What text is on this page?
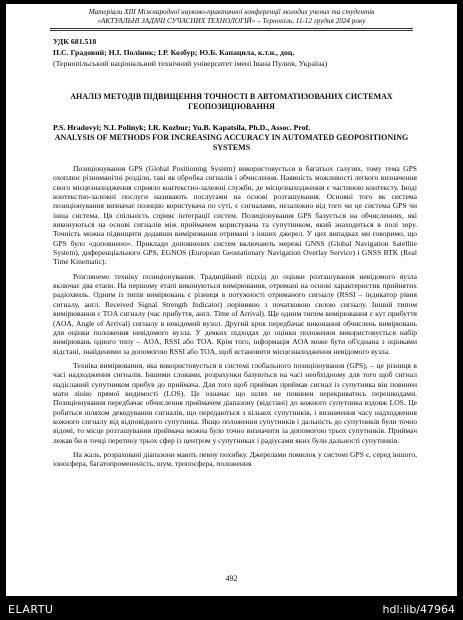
Матеріали XIII Міжнародної науково-практичної конференції молодих учених та студентів
«АКТУАЛЬНІ ЗАДАЧІ СУЧАСНИХ ТЕХНОЛОГІЙ» – Тернопіль, 11-12 грудня 2024 року
УДК 681.518
П.С. Градовий; Н.І. Поліник; І.Р. Козбур; Ю.Б. Капацила, к.т.н., доц.
(Тернопільський національний технічний університет імені Івана Пулюя, Україна)
АНАЛІЗ МЕТОДІВ ПІДВИЩЕННЯ ТОЧНОСТІ В АВТОМАТИЗОВАНИХ СИСТЕМАХ ГЕОПОЗИЦІЮВАННЯ
P.S. Hradovyi; N.I. Polinyk; I.R. Kozbur; Yu.B. Kapatsila, Ph.D., Assoc. Prof.
ANALYSIS OF METHODS FOR INCREASING ACCURACY IN AUTOMATED GEOPOSITIONING SYSTEMS

Позиціонування GPS (Global Positioning System) використовується в багатьох галузях, тому тема GPS охоплює різноманітні розділи, такі як обробка сигналів і обчислення. Наявність можливості легкого визначення свого місцезнаходження сприяло контекстно-залежні служби, де місцезнаходження є частиною контексту. Іноді контекстно-залежні послуги називають послугами на основі розташування. Основні того як система позиціонування визначає позицію користувача по суті, є сигналами, незалежно від того чи це система GPS чи інша система. Ця спільність сприяє інтеграції систем. Позиціонування GPS базується на обчисленнях, які виконуються на основі сигналів між приймачем користувача та супутником, який знаходиться в полі зору. Точність можна підвищити додавши вимірювання отримані з інших джерел. У цих випадках ми говоримо, що GPS було «доповнено». Приклади доповнених систем включають мережі GNSS (Global Navigation Satellite System), диференціального GPS, EGNOS (European Geostationary Navigation Overlay Service) і GNSS RTK (Real Time Kinematic).

Розглянемо техніку позиціонування. Традиційний підхід до оцінки розташування невідомого вузла включає два етапи. На першому етапі виконуються вимірювання, отримані на основі характеристик прийнятих радіохвиль. Одним із типів вимірювань є різниця в потужності отриманого сигналу (RSSI – індикатор рівня сигналу, англ. Received Signal Strength Indicator) порівняно з початковою силою сигналу. Інший типом вимірювання є TOA сигналу (час прибуття, англ. Time of Arrival). Ще одним типом вимірювання є кут прибуття (AOA, Angle of Arrival) сигналу в невідомий вузол. Другий крок передбачає виконання обчислень вимірювань для оцінки положення невідомого вузла. У деяких підходах до оцінки положення використовується набір вимірювань одного типу – AOA, RSSI або TOA. Крім того, інформація AOA може бути об'єднана з оцінками відстані, знайденими за допомогою RSSI або TOA, щоб встановити місцезнаходження невідомого вузла.

Техніка вимірювання, яка використовується в системі глобального позиціонування (GPS), – це різниця в часі надходження сигналів. Іншими словами, розрахунки базуються на часі необхідному для того щоб сигнал надісланий супутником прибув до приймача. Для того щоб приймач приймав сигнал із супутника він повинен мати лінію прямої видимості (LOS). Це означає що шлях не повинен перекриватись перешкодами. Позиціонування передбачає обчислення приймачем діапазону (відстані) до кожного супутника вздовж LOS. Це робиться шляхом декодування сигналів, що передаються з кількох супутників, і визначення часу надходження кожного сигналу від відповідного супутника. Якщо положення супутників і дальність до супутників були точно відомі, то місце розташування приймача можна було точно визначити за допомогою трьох супутників. Приймач лежав би в точці перетину трьох сфер із центром у супутниках і радіусами яких були дальності супутників.

На жаль, розраховані діапазони мають певну похибку. Джерелами помилок у системі GPS є, серед іншого, іоносфера, багатопромененість, шум, тропосфера, положення

492
ELARTU	hdl:lib/47964
